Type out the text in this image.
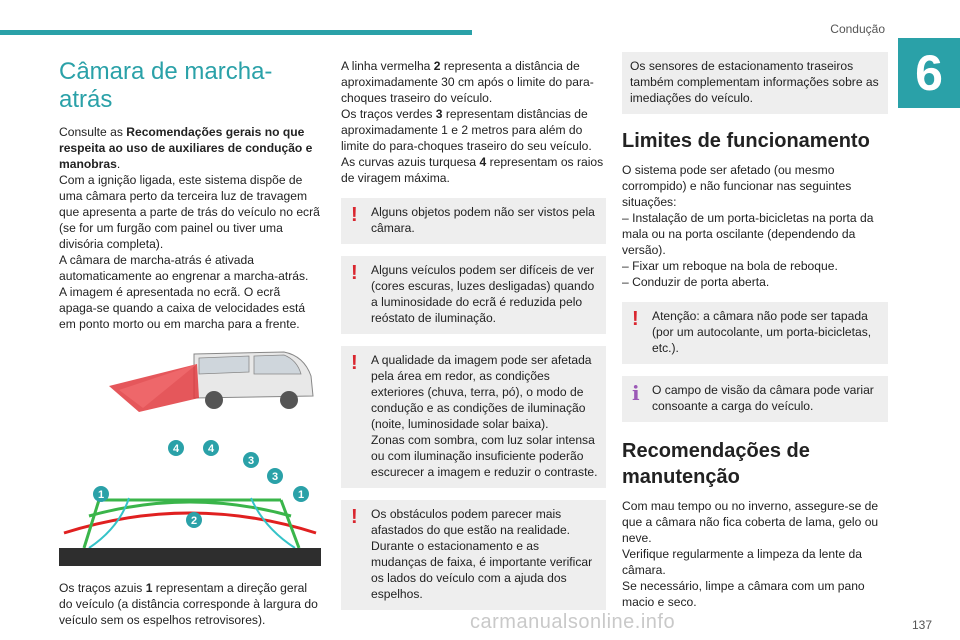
Condução
6
Câmara de marcha-atrás

Consulte as Recomendações gerais no que respeita ao uso de auxiliares de condução e manobras.

Com a ignição ligada, este sistema dispõe de uma câmara perto da terceira luz de travagem que apresenta a parte de trás do veículo no ecrã (se for um furgão com painel ou tiver uma divisória completa).

A câmara de marcha-atrás é ativada automaticamente ao engrenar a marcha-atrás.

A imagem é apresentada no ecrã. O ecrã apaga-se quando a caixa de velocidades está em ponto morto ou em marcha para a frente.

4	4
3
3
1	1
2

Os traços azuis 1 representam a direção geral do veículo (a distância corresponde à largura do veículo sem os espelhos retrovisores).

A linha vermelha 2 representa a distância de aproximadamente 30 cm após o limite do para-choques traseiro do veículo.

Os traços verdes 3 representam distâncias de aproximadamente 1 e 2 metros para além do limite do para-choques traseiro do seu veículo.

As curvas azuis turquesa 4 representam os raios de viragem máxima.

!	Alguns objetos podem não ser vistos pela câmara.

!	Alguns veículos podem ser difíceis de ver (cores escuras, luzes desligadas) quando a luminosidade do ecrã é reduzida pelo reóstato de iluminação.

!	A qualidade da imagem pode ser afetada pela área em redor, as condições exteriores (chuva, terra, pó), o modo de condução e as condições de iluminação (noite, luminosidade solar baixa).

Zonas com sombra, com luz solar intensa ou com iluminação insuficiente poderão escurecer a imagem e reduzir o contraste.

!	Os obstáculos podem parecer mais afastados do que estão na realidade.

Durante o estacionamento e as mudanças de faixa, é importante verificar os lados do veículo com a ajuda dos espelhos.

Os sensores de estacionamento traseiros também complementam informações sobre as imediações do veículo.

Limites de funcionamento

O sistema pode ser afetado (ou mesmo corrompido) e não funcionar nas seguintes situações:

– Instalação de um porta-bicicletas na porta da mala ou na porta oscilante (dependendo da versão).

– Fixar um reboque na bola de reboque.

– Conduzir de porta aberta.

!	Atenção: a câmara não pode ser tapada (por um autocolante, um porta-bicicletas, etc.).

i	O campo de visão da câmara pode variar consoante a carga do veículo.

Recomendações de manutenção

Com mau tempo ou no inverno, assegure-se de que a câmara não fica coberta de lama, gelo ou neve.

Verifique regularmente a limpeza da lente da câmara.

Se necessário, limpe a câmara com um pano macio e seco.

carmanualsonline.info	137
